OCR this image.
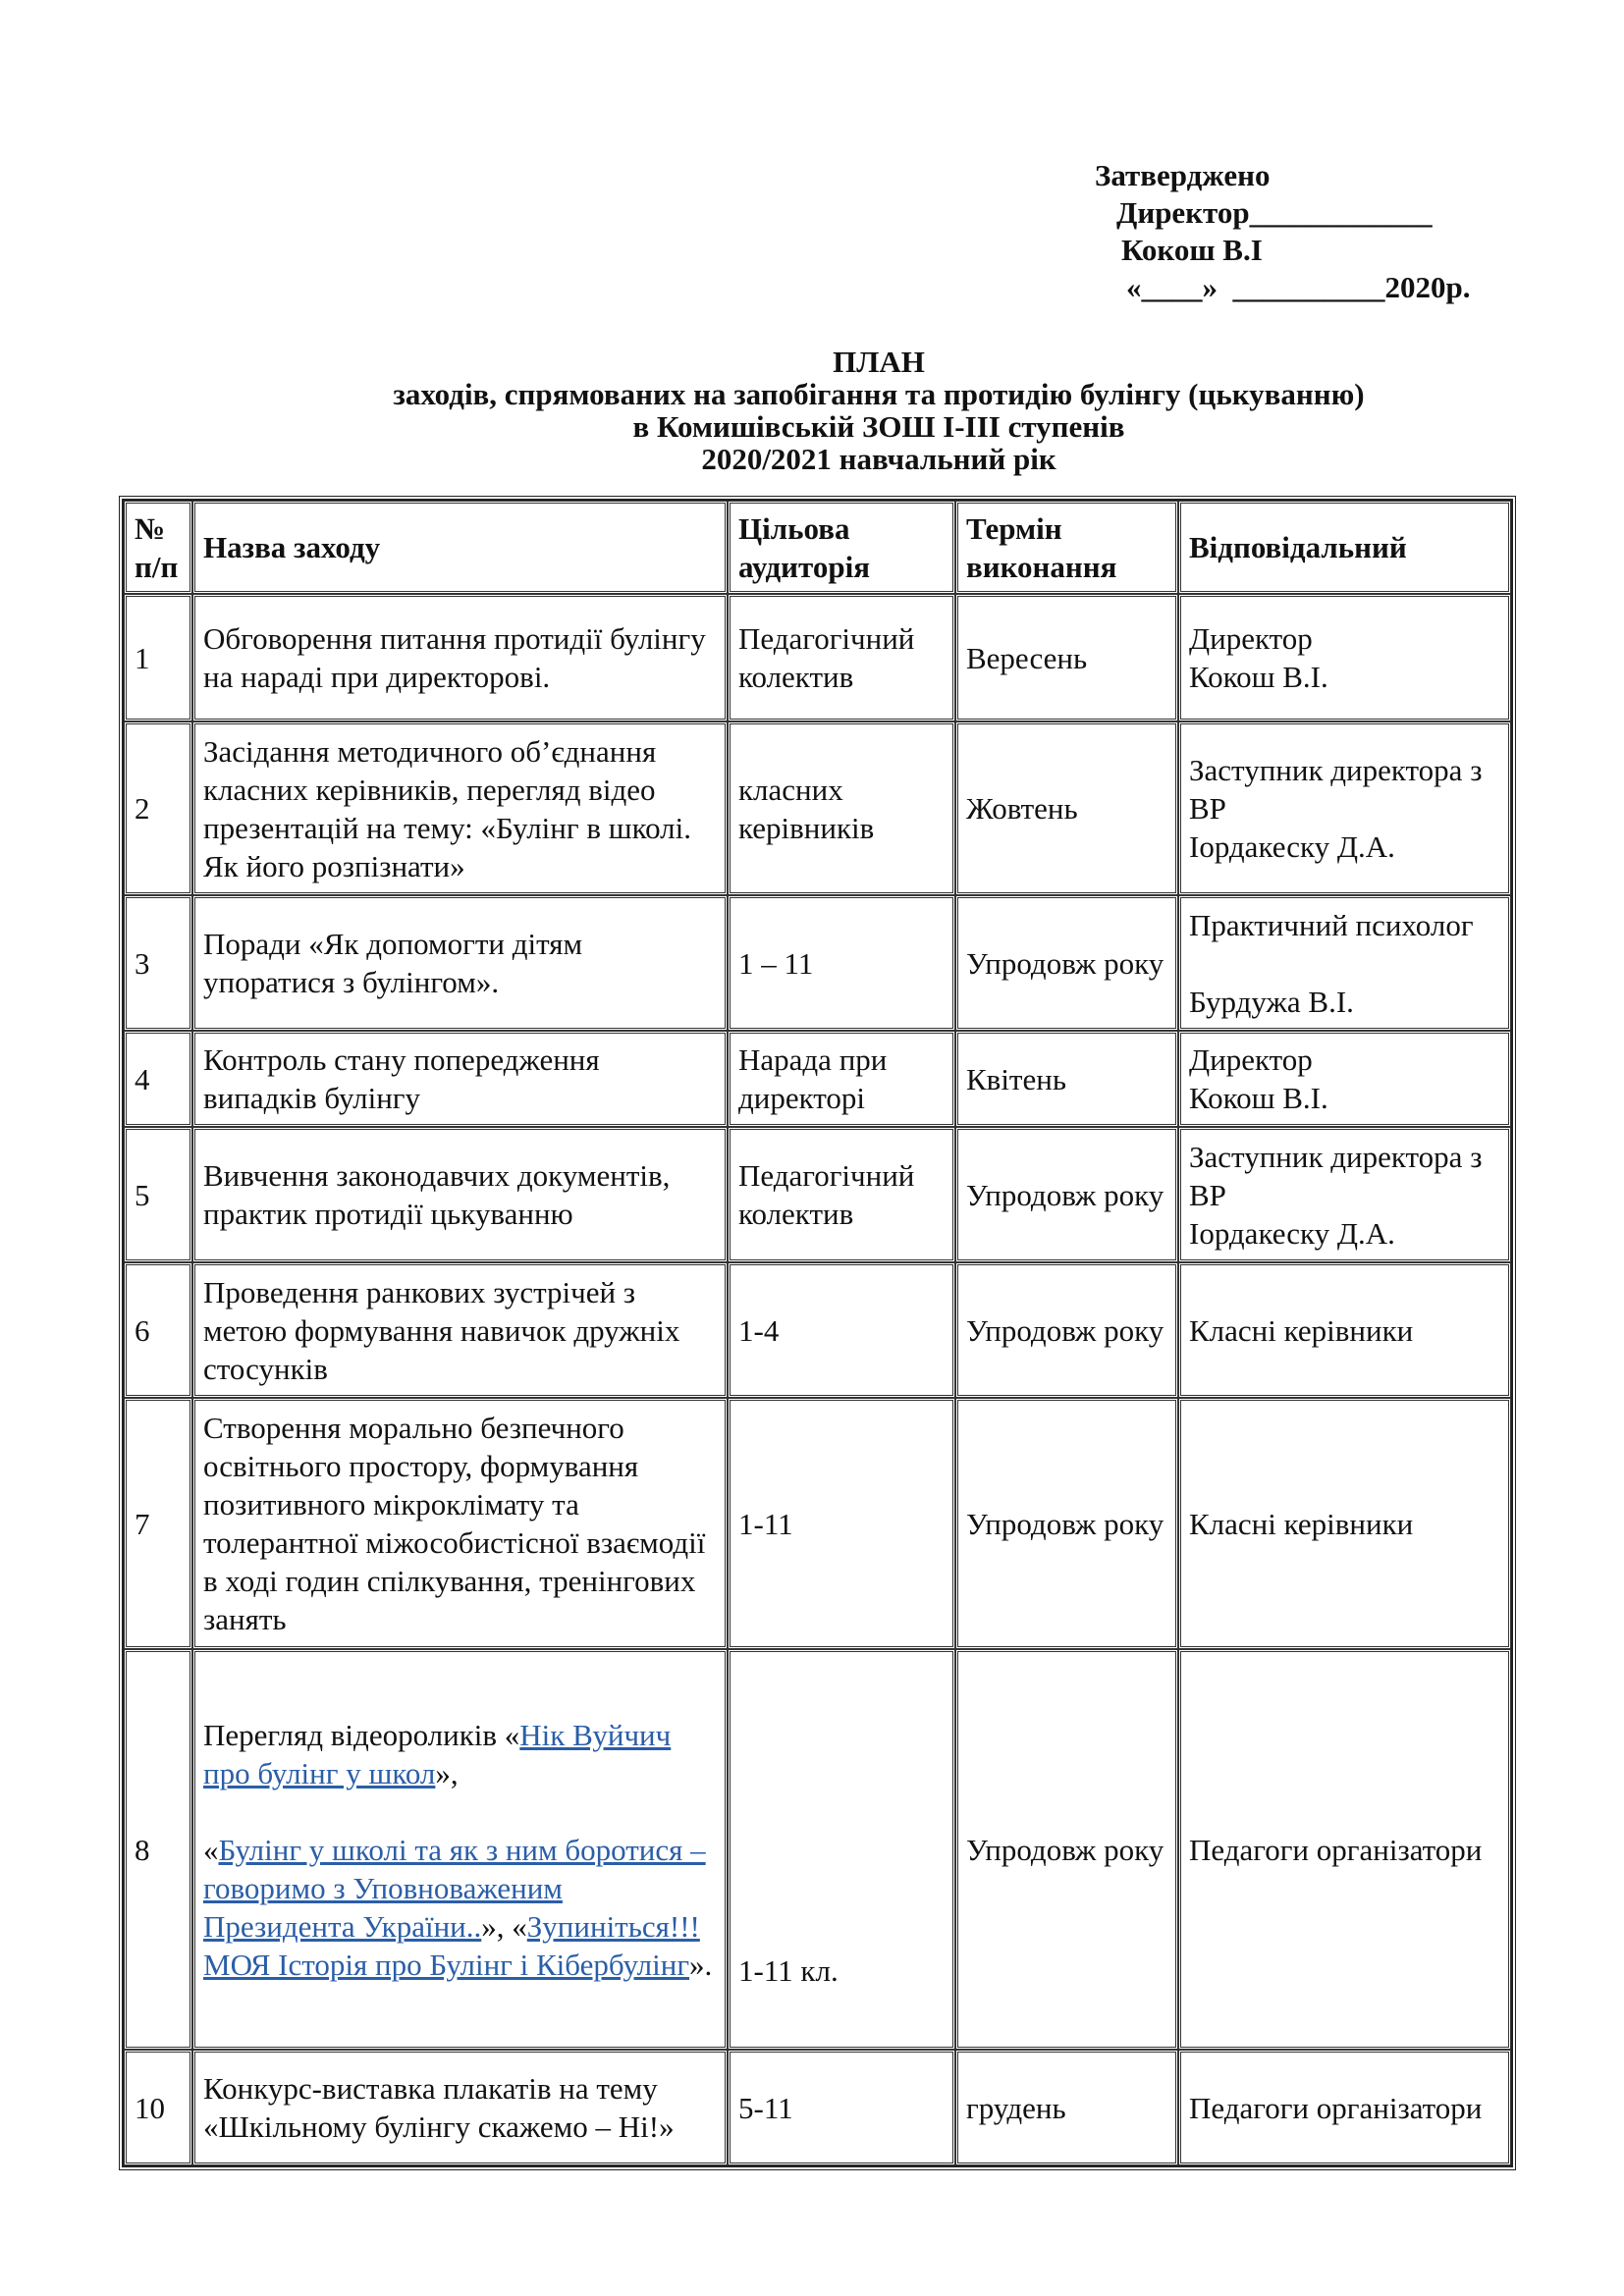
Затверджено
Директор____________
Кокош В.І
«____»  __________2020р.
ПЛАН
заходів, спрямованих на запобігання та протидію булінгу (цькуванню)
в Комишівській ЗОШ І-ІІІ ступенів
2020/2021 навчальний рік
№ п/п	Назва заходу	Цільова аудиторія	Термін виконання	Відповідальний
1	Обговорення питання протидії булінгу на нараді при директорові.	Педагогічний колектив	Вересень	Директор
Кокош В.І.
2	Засідання методичного об’єднання класних керівників, перегляд відео презентацій на тему: «Булінг в школі. Як його розпізнати»	класних керівників	Жовтень	Заступник директора з ВР
Іордакеску Д.А.
3	Поради «Як допомогти дітям упоратися з булінгом».	1 – 11	Упродовж року	Практичний психолог
Бурдужа В.І.
4	Контроль стану попередження випадків булінгу	Нарада при директорі	Квітень	Директор
Кокош В.І.
5	Вивчення законодавчих документів, практик протидії цькуванню	Педагогічний колектив	Упродовж року	Заступник директора з ВР
Іордакеску Д.А.
6	Проведення ранкових зустрічей з метою формування навичок дружніх стосунків	1-4	Упродовж року	Класні керівники
7	Створення морально безпечного освітнього простору, формування позитивного мікроклімату та толерантної міжособистісної взаємодії в ході годин спілкування, тренінгових занять	1-11	Упродовж року	Класні керівники
8	Перегляд відеороликів «Нік Вуйчич про булінг у школ»,
«Булінг у школі та як з ним боротися – говоримо з Уповноваженим Президента України..», «Зупиніться!!! МОЯ Історія про Булінг і Кібербулінг».	1-11 кл.	Упродовж року	Педагоги організатори
10	Конкурс-виставка плакатів на тему «Шкільному булінгу скажемо – Ні!»	5-11	грудень	Педагоги організатори
